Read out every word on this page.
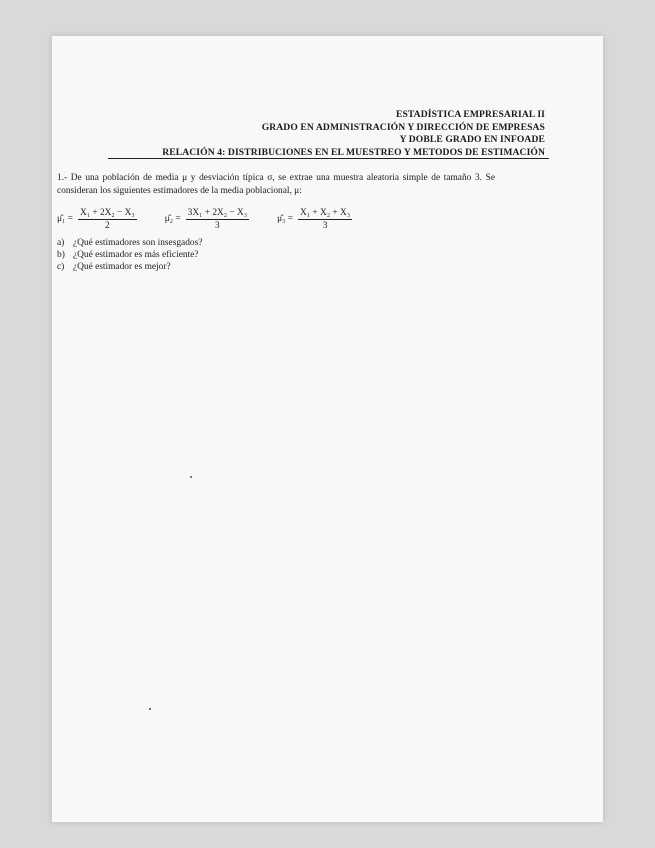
ESTADÍSTICA EMPRESARIAL II
GRADO EN ADMINISTRACIÓN Y DIRECCIÓN DE EMPRESAS
Y DOBLE GRADO EN INFOADE
RELACIÓN 4: DISTRIBUCIONES EN EL MUESTREO Y METODOS DE ESTIMACIÓN

1.- De una población de media μ y desviación típica σ, se extrae una muestra aleatoria simple de tamaño 3. Se consideran los siguientes estimadores de la media poblacional, μ:

μ̂₁ = $\frac{\text{X₁ + 2X₂ − X₃}}{2}$	μ̂₂ = $\frac{\text{3X₁ + 2X₂ − X₃}}{3}$	μ̂₃ = $\frac{\text{X₁ + X₂ + X₃}}{3}$
a) ¿Qué estimadores son insesgados?
b) ¿Qué estimador es más eficiente?
c) ¿Qué estimador es mejor?
